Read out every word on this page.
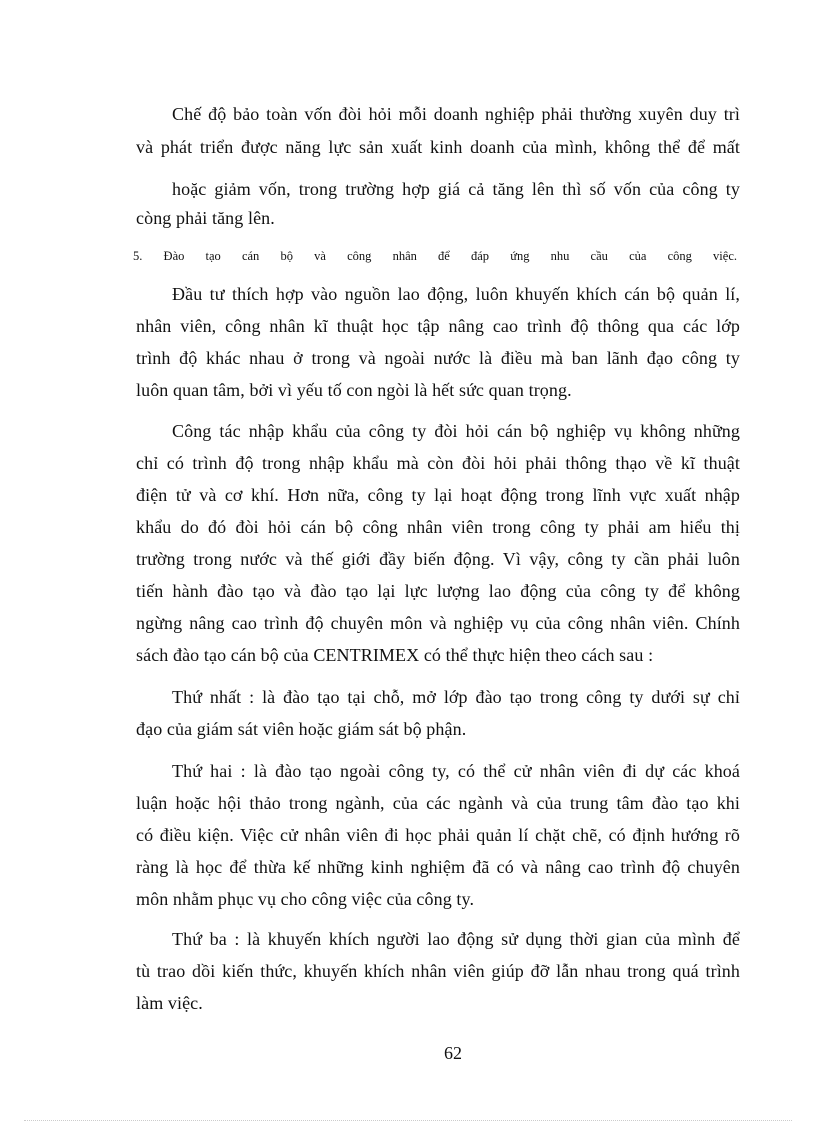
Chế độ bảo toàn vốn đòi hỏi mỗi doanh nghiệp phải thường xuyên duy trì

và phát triển được năng lực sản xuất kinh doanh của mình, không thể để mất

hoặc giảm vốn, trong trường hợp giá cả tăng lên thì số vốn của công ty

còng phải tăng lên.

5. Đào tạo cán bộ và công nhân để đáp ứng nhu cầu của công việc.

Đầu tư thích hợp vào nguồn lao động, luôn khuyến khích cán bộ quản lí,

nhân viên, công nhân kĩ thuật học tập nâng cao trình độ thông qua các lớp

trình độ khác nhau ở trong và ngoài nước là điều mà ban lãnh đạo công ty

luôn quan tâm, bởi vì yếu tố con ngòi là hết sức quan trọng.

Công tác nhập khẩu của công ty đòi hỏi cán bộ nghiệp vụ không những

chỉ có trình độ trong nhập khẩu mà còn đòi hỏi phải thông thạo về kĩ thuật

điện tử và cơ khí. Hơn nữa, công ty lại hoạt động trong lĩnh vực xuất nhập

khẩu do đó đòi hỏi cán bộ công nhân viên trong công ty phải am hiểu thị

trường trong nước và thế giới đầy biến động. Vì vậy, công ty cần phải luôn

tiến hành đào tạo và đào tạo lại lực lượng lao động của công ty để không

ngừng nâng cao trình độ chuyên môn và nghiệp vụ của công nhân viên. Chính

sách đào tạo cán bộ của CENTRIMEX có thể thực hiện theo cách sau :

Thứ nhất : là đào tạo tại chỗ, mở lớp đào tạo trong công ty dưới sự chỉ

đạo của giám sát viên hoặc giám sát bộ phận.

Thứ hai : là đào tạo ngoài công ty, có thể cử nhân viên đi dự các khoá

luận hoặc hội thảo trong ngành, của các ngành và của trung tâm đào tạo khi

có điều kiện. Việc cử nhân viên đi học phải quản lí chặt chẽ, có định hướng rõ

ràng là học để thừa kế những kinh nghiệm đã có và nâng cao trình độ chuyên

môn nhằm phục vụ cho công việc của công ty.

Thứ ba : là khuyến khích người lao động sử dụng thời gian của mình để

tù trao dồi kiến thức, khuyến khích nhân viên giúp đỡ lẫn nhau trong quá trình

làm việc.

62
